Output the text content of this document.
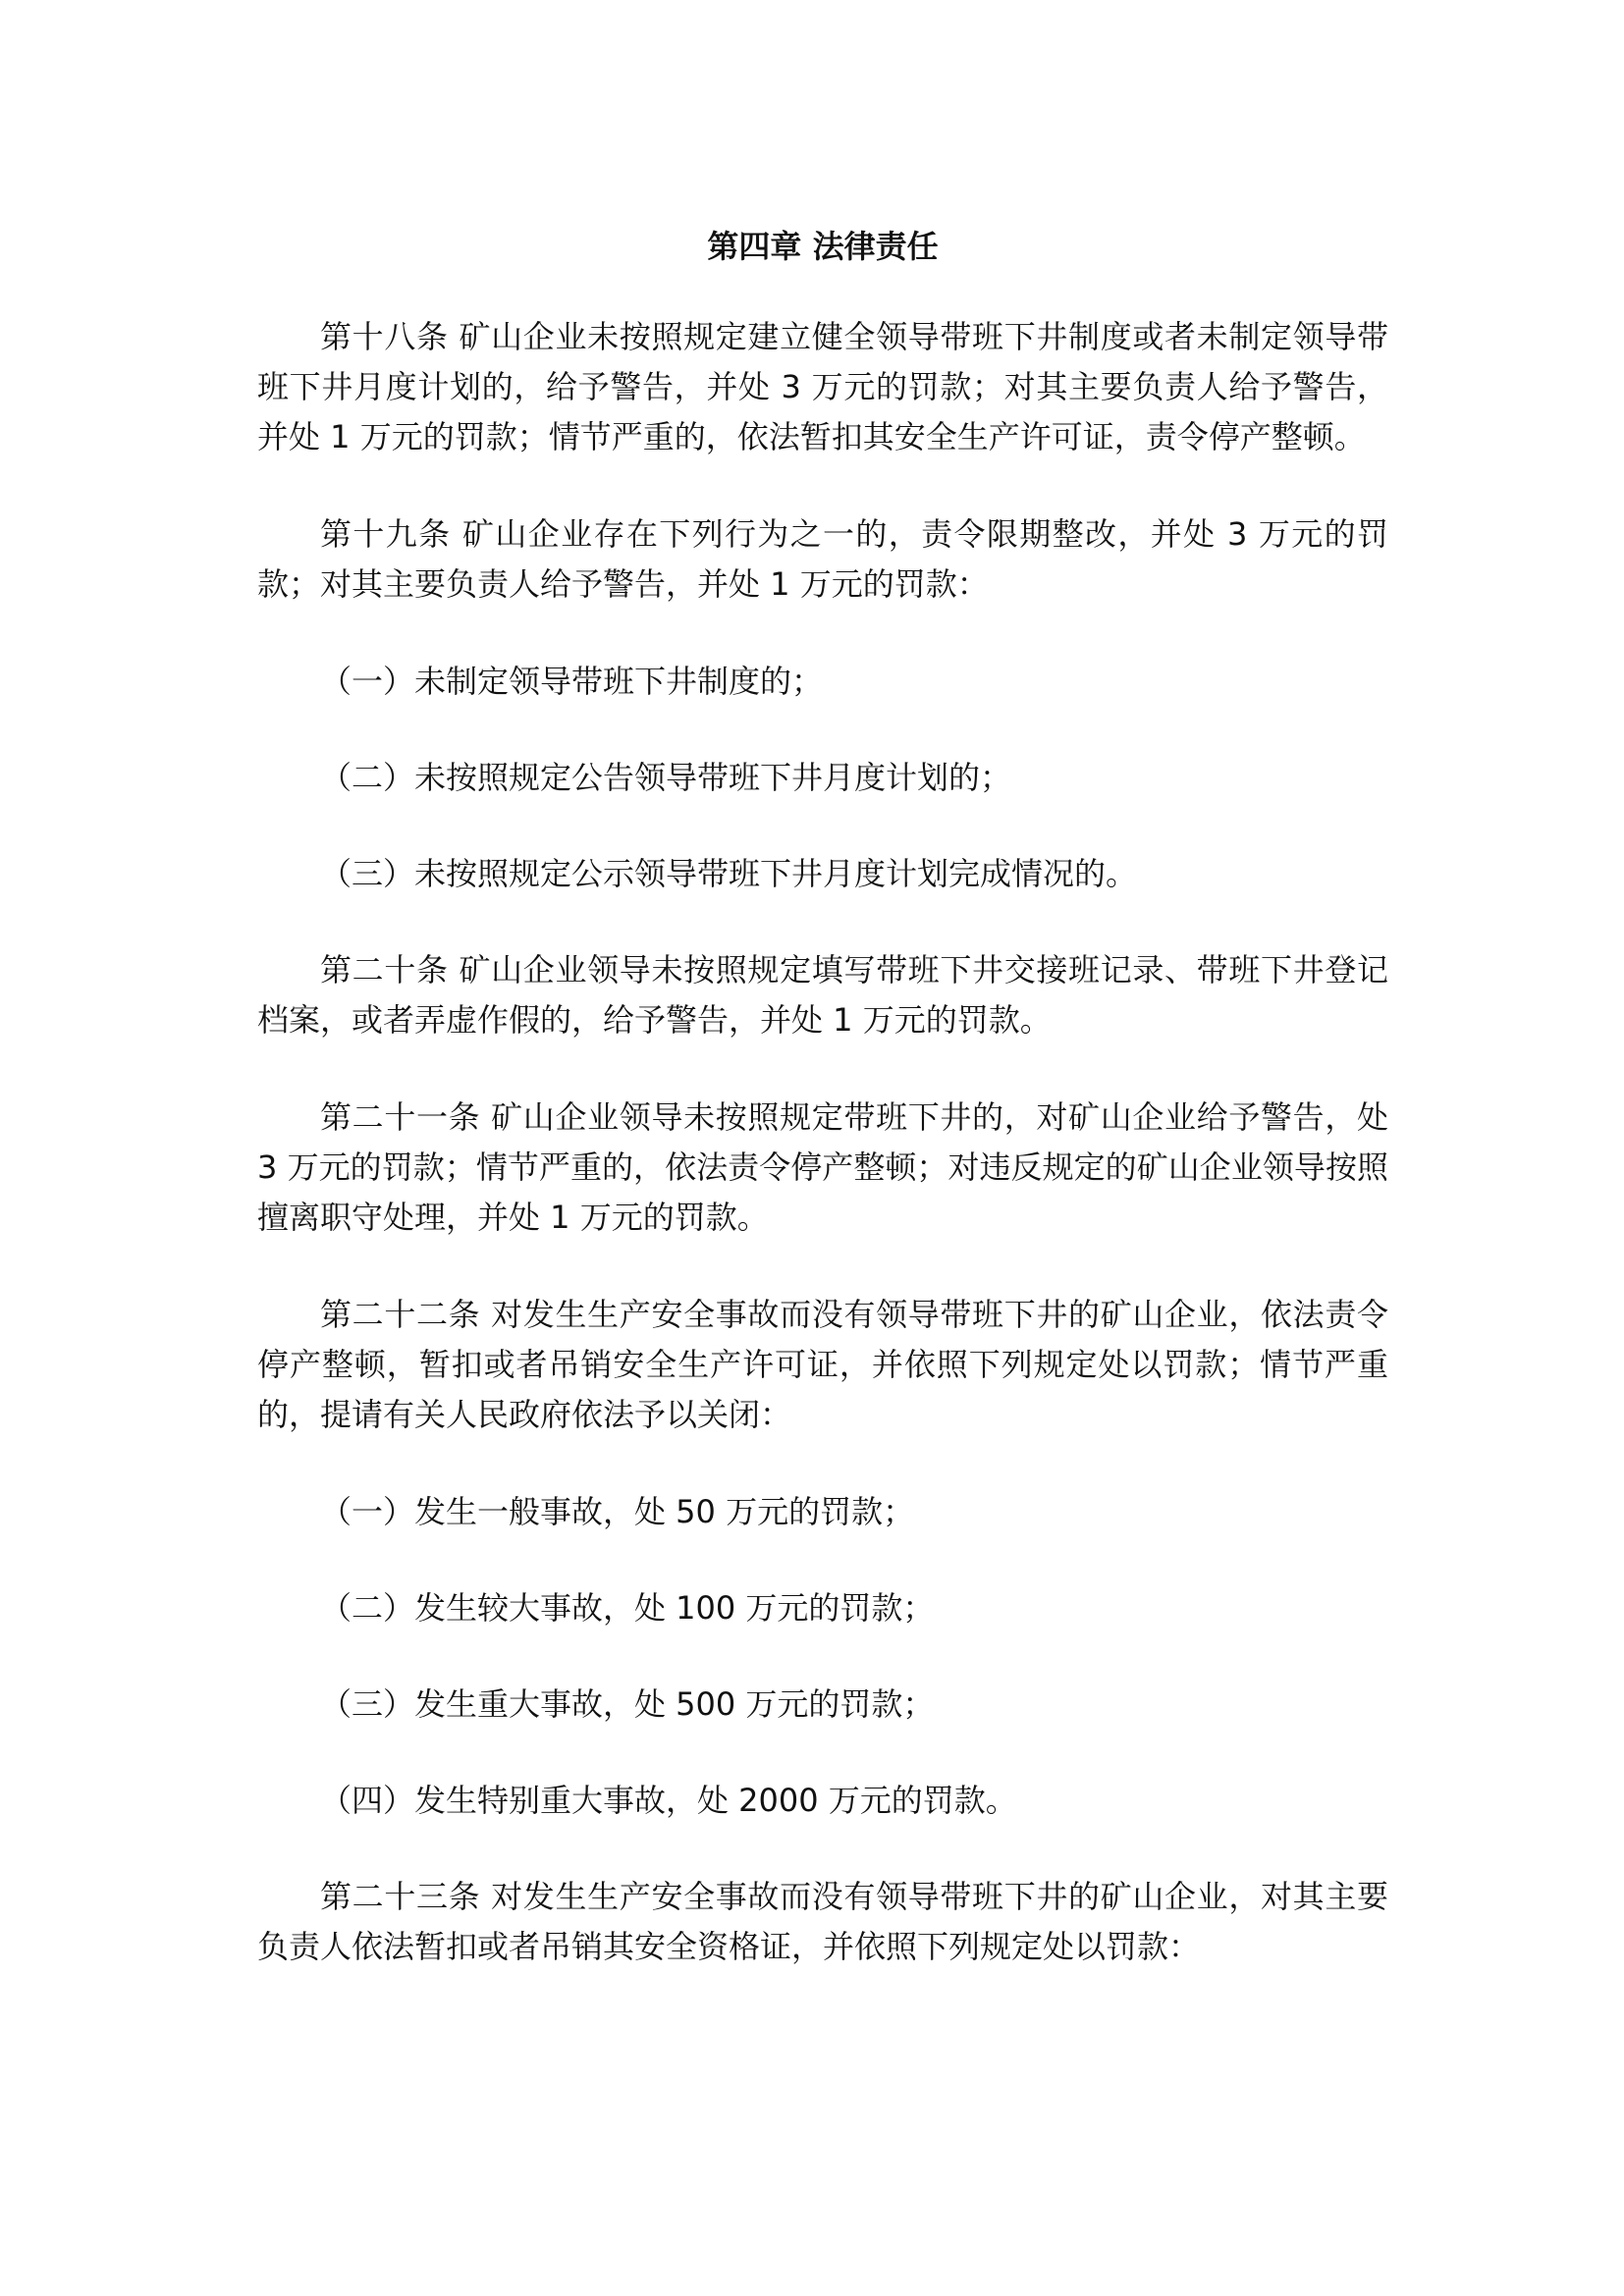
第四章 法律责任

第十八条 矿山企业未按照规定建立健全领导带班下井制度或者未制定领导带班下井月度计划的，给予警告，并处 3 万元的罚款；对其主要负责人给予警告，并处 1 万元的罚款；情节严重的，依法暂扣其安全生产许可证，责令停产整顿。

第十九条 矿山企业存在下列行为之一的，责令限期整改，并处 3 万元的罚款；对其主要负责人给予警告，并处 1 万元的罚款：

（一）未制定领导带班下井制度的；

（二）未按照规定公告领导带班下井月度计划的；

（三）未按照规定公示领导带班下井月度计划完成情况的。

第二十条 矿山企业领导未按照规定填写带班下井交接班记录、带班下井登记档案，或者弄虚作假的，给予警告，并处 1 万元的罚款。

第二十一条 矿山企业领导未按照规定带班下井的，对矿山企业给予警告，处 3 万元的罚款；情节严重的，依法责令停产整顿；对违反规定的矿山企业领导按照擅离职守处理，并处 1 万元的罚款。

第二十二条 对发生生产安全事故而没有领导带班下井的矿山企业，依法责令停产整顿，暂扣或者吊销安全生产许可证，并依照下列规定处以罚款；情节严重的，提请有关人民政府依法予以关闭：

（一）发生一般事故，处 50 万元的罚款；

（二）发生较大事故，处 100 万元的罚款；

（三）发生重大事故，处 500 万元的罚款；

（四）发生特别重大事故，处 2000 万元的罚款。

第二十三条 对发生生产安全事故而没有领导带班下井的矿山企业，对其主要负责人依法暂扣或者吊销其安全资格证，并依照下列规定处以罚款：
